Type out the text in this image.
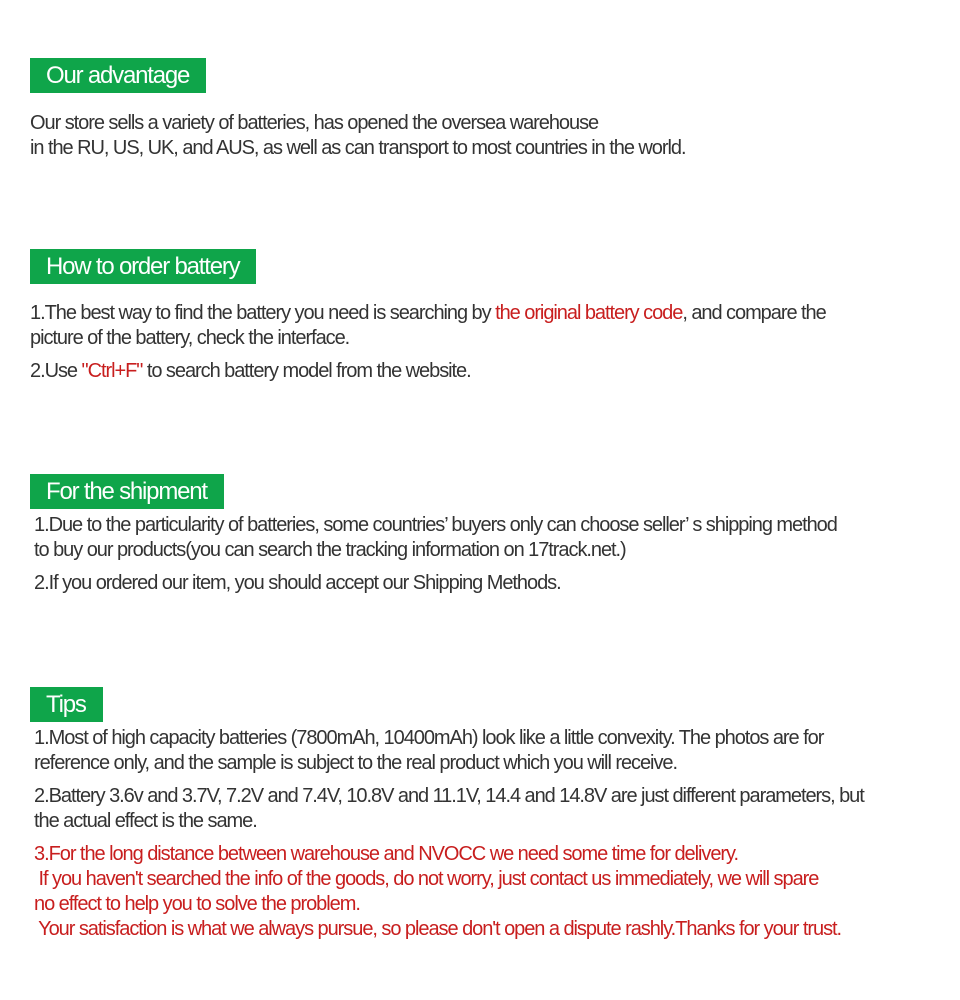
Our advantage
Our store sells a variety of batteries, has opened the oversea warehouse
in the RU, US, UK, and AUS, as well as can transport to most countries in the world.
How to order battery
1.The best way to find the battery you need is searching by the original battery code, and compare the
picture of the battery, check the interface.
2.Use "Ctrl+F" to search battery model from the website.
For the shipment
1.Due to the particularity of batteries, some countries’ buyers only can choose seller’ s shipping method
to buy our products(you can search the tracking information on 17track.net.)
2.If you ordered our item, you should accept our Shipping Methods.
Tips
1.Most of high capacity batteries (7800mAh, 10400mAh) look like a little convexity. The photos are for
reference only, and the sample is subject to the real product which you will receive.
2.Battery 3.6v and 3.7V, 7.2V and 7.4V, 10.8V and 11.1V, 14.4 and 14.8V are just different parameters, but
the actual effect is the same.
3.For the long distance between warehouse and NVOCC we need some time for delivery.
If you haven't searched the info of the goods, do not worry, just contact us immediately, we will spare
no effect to help you to solve the problem.
Your satisfaction is what we always pursue, so please don't open a dispute rashly.Thanks for your trust.
